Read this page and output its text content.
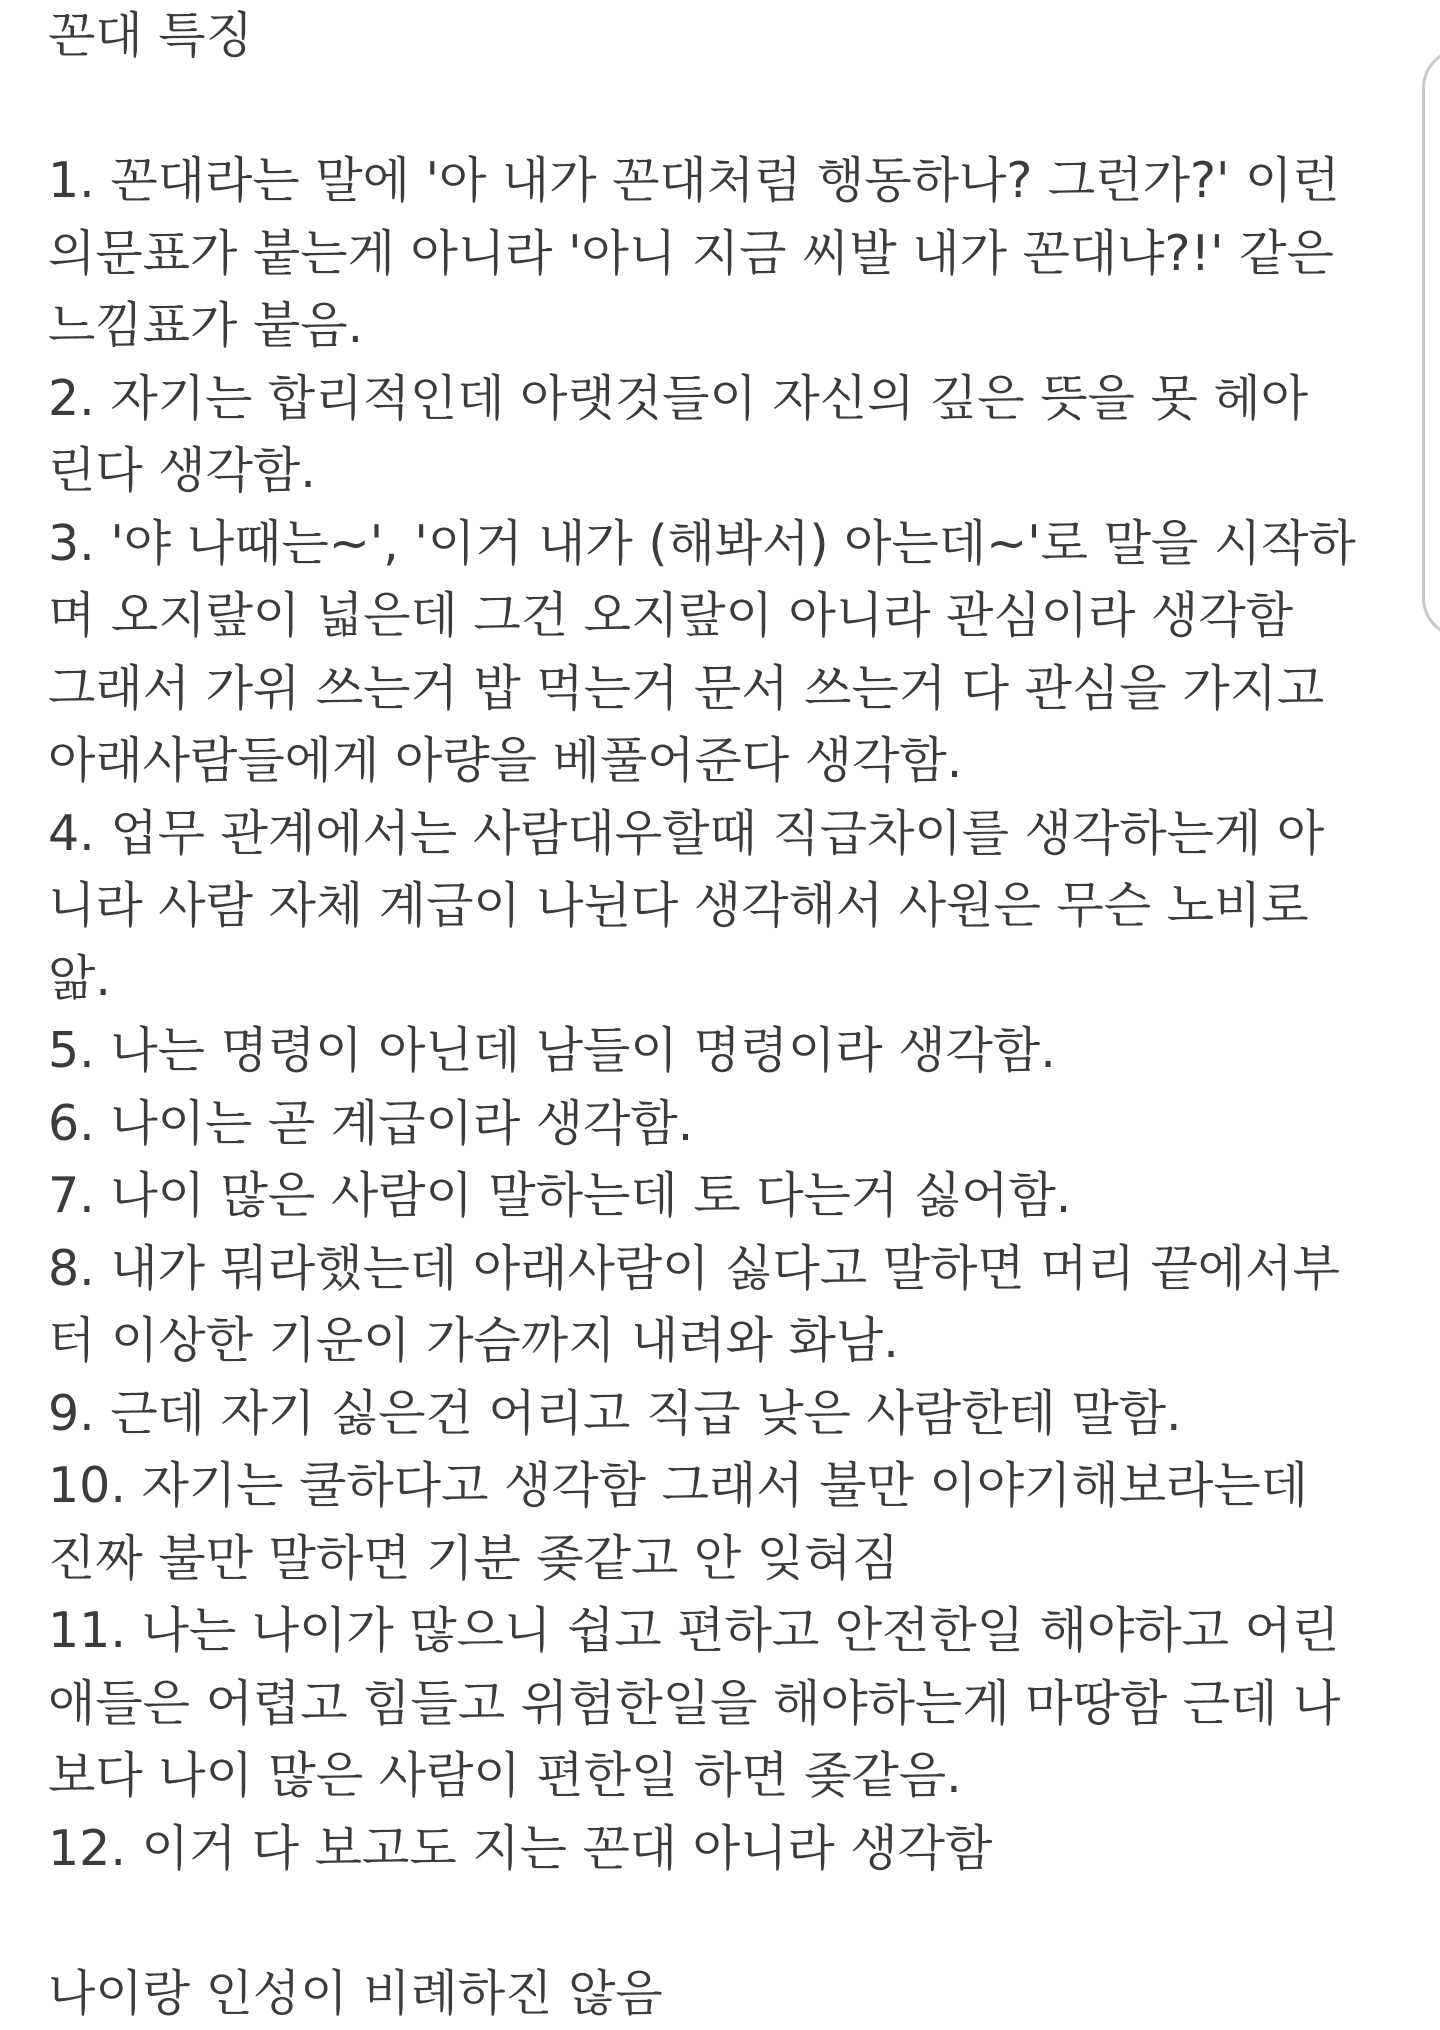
꼰대 특징
1. 꼰대라는 말에 '아 내가 꼰대처럼 행동하나? 그런가?' 이런
의문표가 붙는게 아니라 '아니 지금 씨발 내가 꼰대냐?!' 같은
느낌표가 붙음.
2. 자기는 합리적인데 아랫것들이 자신의 깊은 뜻을 못 헤아
린다 생각함.
3. '야 나때는~', '이거 내가 (해봐서) 아는데~'로 말을 시작하
며 오지랖이 넓은데 그건 오지랖이 아니라 관심이라 생각함
그래서 가위 쓰는거 밥 먹는거 문서 쓰는거 다 관심을 가지고
아래사람들에게 아량을 베풀어준다 생각함.
4. 업무 관계에서는 사람대우할때 직급차이를 생각하는게 아
니라 사람 자체 계급이 나뉜다 생각해서 사원은 무슨 노비로
앎.
5. 나는 명령이 아닌데 남들이 명령이라 생각함.
6. 나이는 곧 계급이라 생각함.
7. 나이 많은 사람이 말하는데 토 다는거 싫어함.
8. 내가 뭐라했는데 아래사람이 싫다고 말하면 머리 끝에서부
터 이상한 기운이 가슴까지 내려와 화남.
9. 근데 자기 싫은건 어리고 직급 낮은 사람한테 말함.
10. 자기는 쿨하다고 생각함 그래서 불만 이야기해보라는데
진짜 불만 말하면 기분 좆같고 안 잊혀짐
11. 나는 나이가 많으니 쉽고 편하고 안전한일 해야하고 어린
애들은 어렵고 힘들고 위험한일을 해야하는게 마땅함 근데 나
보다 나이 많은 사람이 편한일 하면 좆같음.
12. 이거 다 보고도 지는 꼰대 아니라 생각함
나이랑 인성이 비례하진 않음
